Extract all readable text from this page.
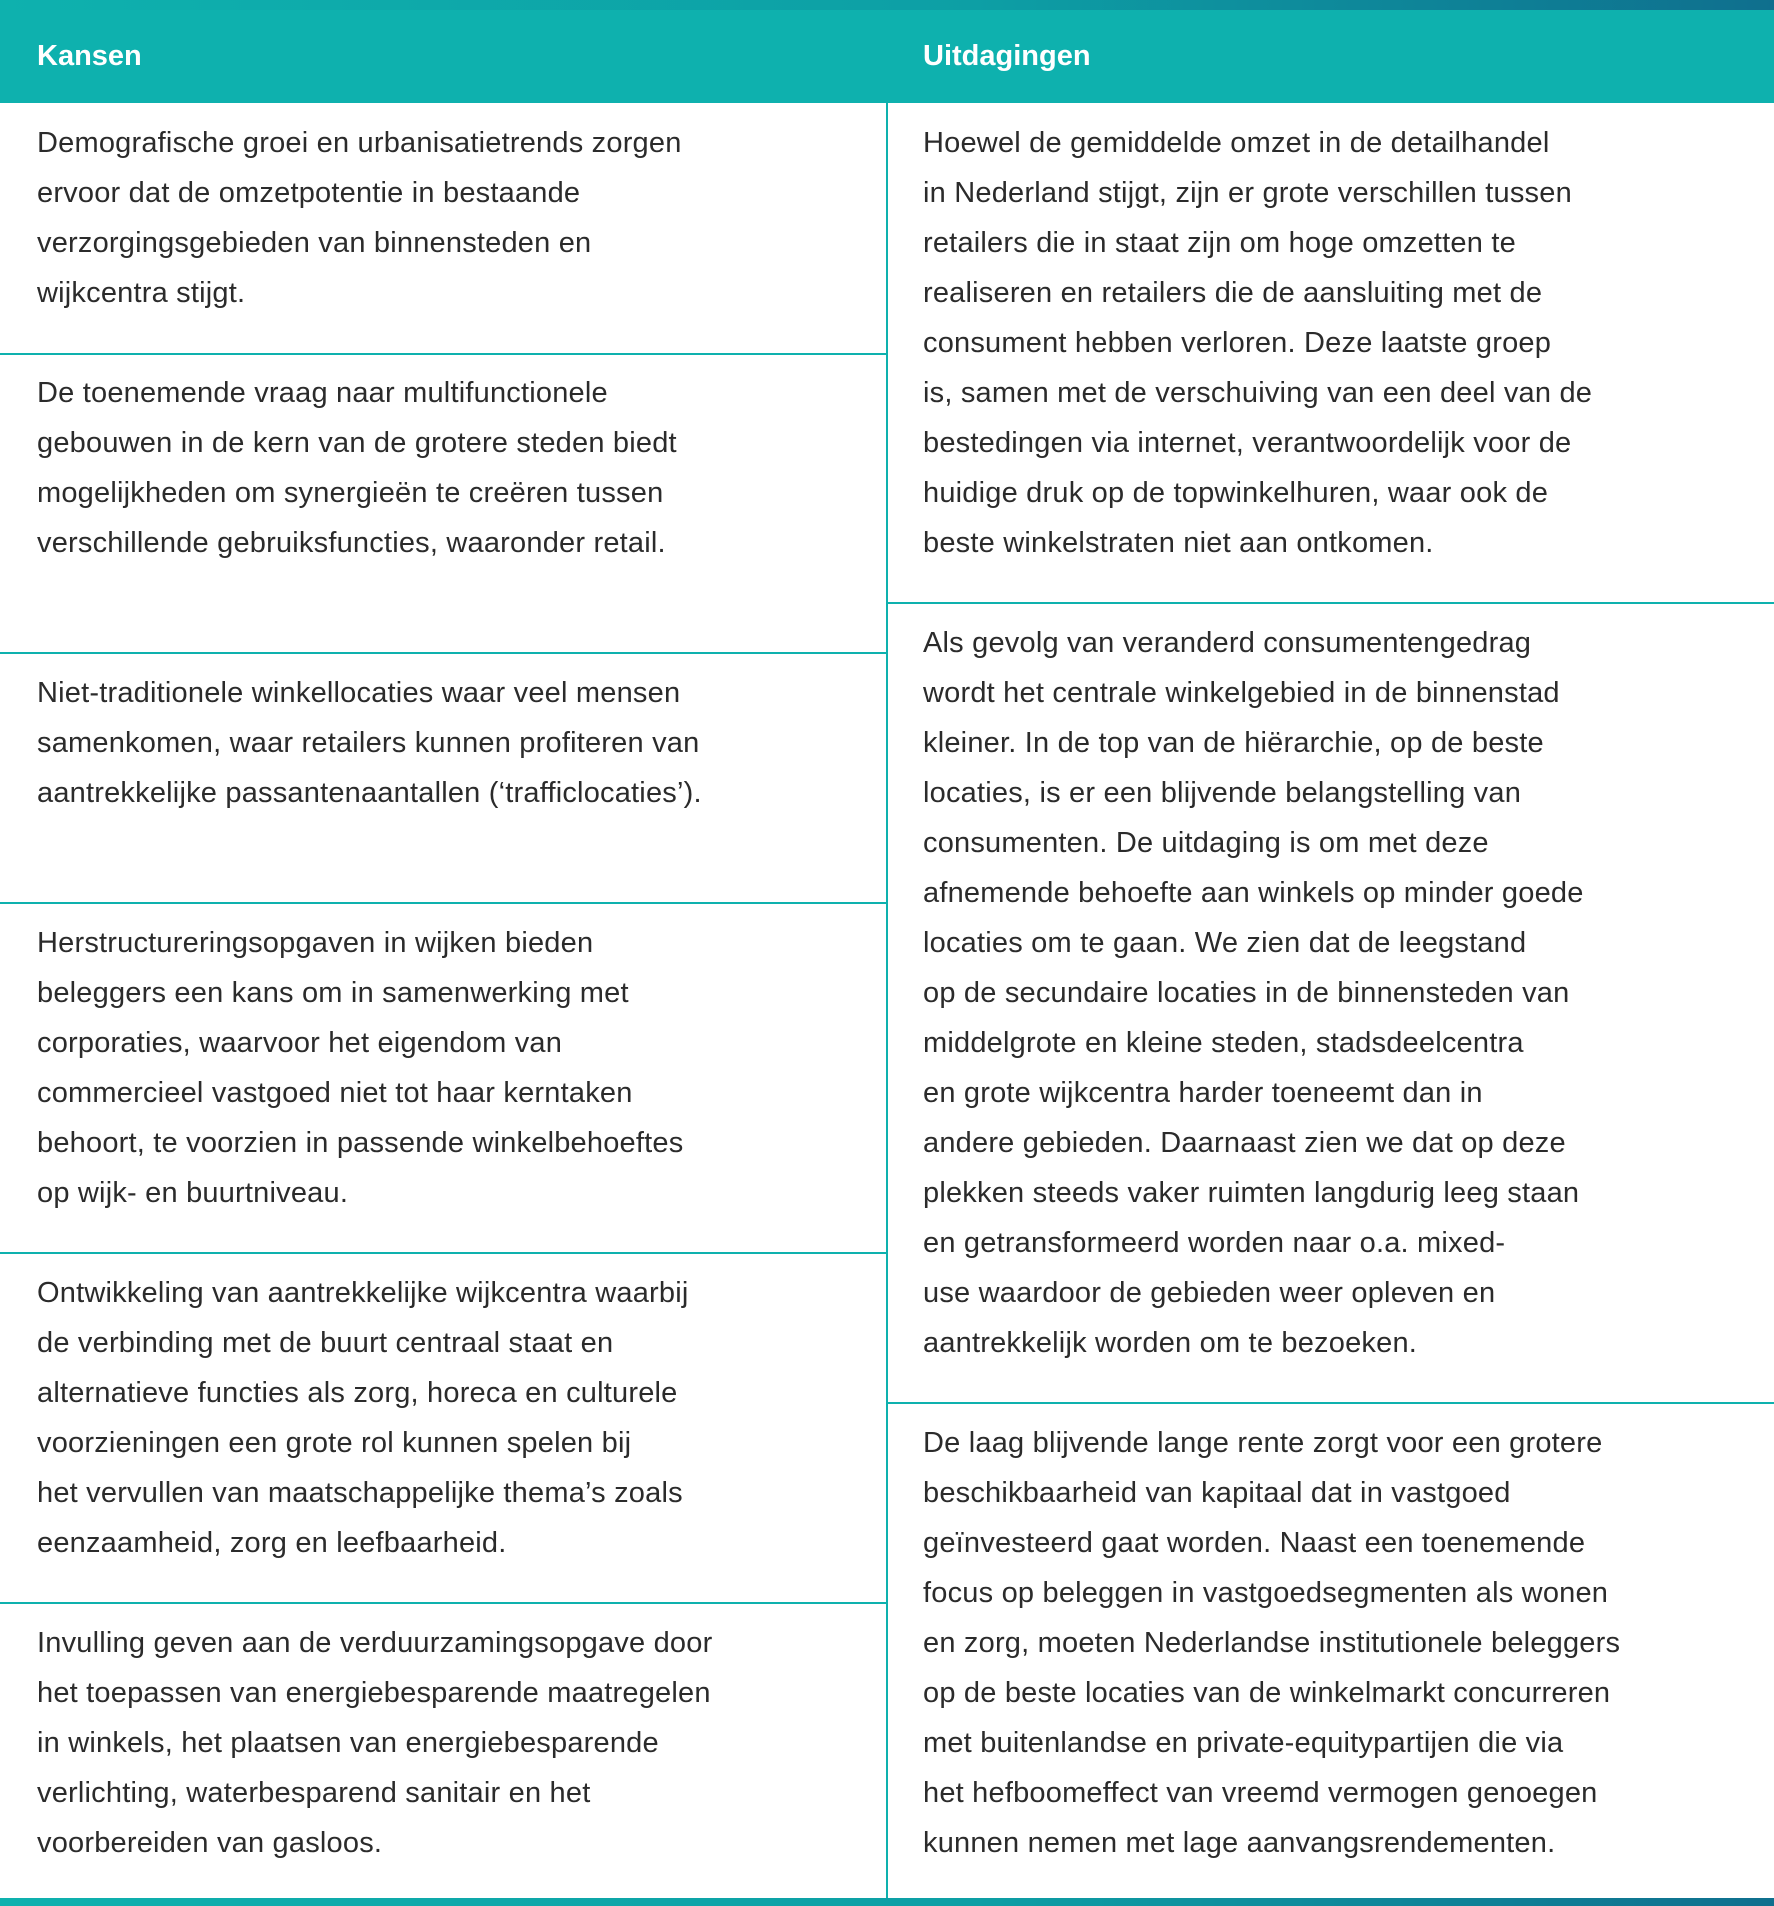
Kansen	Uitdagingen
Demografische groei en urbanisatietrends zorgen
ervoor dat de omzetpotentie in bestaande
verzorgingsgebieden van binnensteden en
wijkcentra stijgt.
De toenemende vraag naar multifunctionele
gebouwen in de kern van de grotere steden biedt
mogelijkheden om synergieën te creëren tussen
verschillende gebruiksfuncties, waaronder retail.
Niet-traditionele winkellocaties waar veel mensen
samenkomen, waar retailers kunnen profiteren van
aantrekkelijke passantenaantallen (‘trafficlocaties’).
Herstructureringsopgaven in wijken bieden
beleggers een kans om in samenwerking met
corporaties, waarvoor het eigendom van
commercieel vastgoed niet tot haar kerntaken
behoort, te voorzien in passende winkelbehoeftes
op wijk- en buurtniveau.
Ontwikkeling van aantrekkelijke wijkcentra waarbij
de verbinding met de buurt centraal staat en
alternatieve functies als zorg, horeca en culturele
voorzieningen een grote rol kunnen spelen bij
het vervullen van maatschappelijke thema’s zoals
eenzaamheid, zorg en leefbaarheid.
Invulling geven aan de verduurzamingsopgave door
het toepassen van energiebesparende maatregelen
in winkels, het plaatsen van energiebesparende
verlichting, waterbesparend sanitair en het
voorbereiden van gasloos.
Hoewel de gemiddelde omzet in de detailhandel
in Nederland stijgt, zijn er grote verschillen tussen
retailers die in staat zijn om hoge omzetten te
realiseren en retailers die de aansluiting met de
consument hebben verloren. Deze laatste groep
is, samen met de verschuiving van een deel van de
bestedingen via internet, verantwoordelijk voor de
huidige druk op de topwinkelhuren, waar ook de
beste winkelstraten niet aan ontkomen.
Als gevolg van veranderd consumentengedrag
wordt het centrale winkelgebied in de binnenstad
kleiner. In de top van de hiërarchie, op de beste
locaties, is er een blijvende belangstelling van
consumenten. De uitdaging is om met deze
afnemende behoefte aan winkels op minder goede
locaties om te gaan. We zien dat de leegstand
op de secundaire locaties in de binnensteden van
middelgrote en kleine steden, stadsdeelcentra
en grote wijkcentra harder toeneemt dan in
andere gebieden. Daarnaast zien we dat op deze
plekken steeds vaker ruimten langdurig leeg staan
en getransformeerd worden naar o.a. mixed-
use waardoor de gebieden weer opleven en
aantrekkelijk worden om te bezoeken.
De laag blijvende lange rente zorgt voor een grotere
beschikbaarheid van kapitaal dat in vastgoed
geïnvesteerd gaat worden. Naast een toenemende
focus op beleggen in vastgoedsegmenten als wonen
en zorg, moeten Nederlandse institutionele beleggers
op de beste locaties van de winkelmarkt concurreren
met buitenlandse en private-equitypartijen die via
het hefboomeffect van vreemd vermogen genoegen
kunnen nemen met lage aanvangsrendementen.
